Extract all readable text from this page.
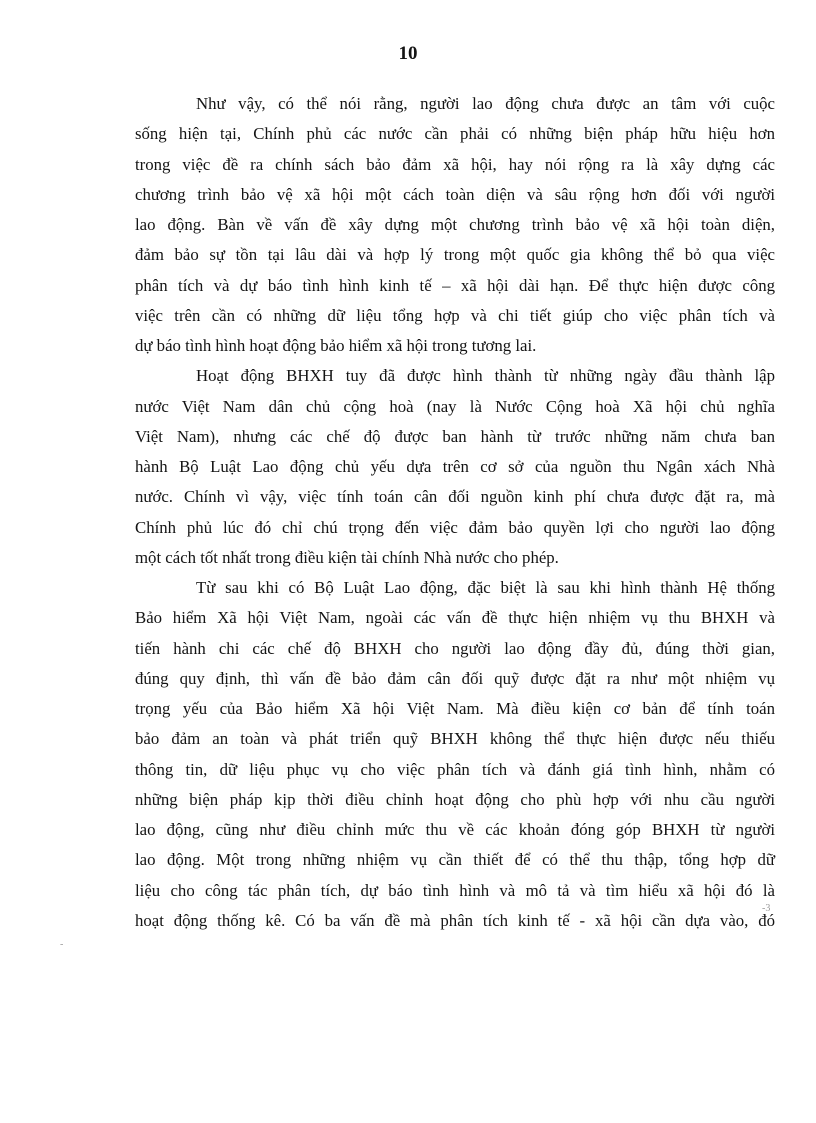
10
Như vậy, có thể nói rằng, người lao động chưa được an tâm với cuộc
sống hiện tại, Chính phủ các nước cần phải có những biện pháp hữu hiệu hơn
trong việc đề ra chính sách bảo đảm xã hội, hay nói rộng ra là xây dựng các
chương trình bảo vệ xã hội một cách toàn diện và sâu rộng hơn đối với người
lao động. Bàn về vấn đề xây dựng một chương trình bảo vệ xã hội toàn diện,
đảm bảo sự tồn tại lâu dài và hợp lý trong một quốc gia không thể bỏ qua việc
phân tích và dự báo tình hình kinh tế – xã hội dài hạn. Để thực hiện được công
việc trên cần có những dữ liệu tổng hợp và chi tiết giúp cho việc phân tích và
dự báo tình hình hoạt động bảo hiểm xã hội trong tương lai.
Hoạt động BHXH tuy đã được hình thành từ những ngày đầu thành lập
nước Việt Nam dân chủ cộng hoà (nay là Nước Cộng hoà Xã hội chủ nghĩa
Việt Nam), nhưng các chế độ được ban hành từ trước những năm chưa ban
hành Bộ Luật Lao động chủ yếu dựa trên cơ sở của nguồn thu Ngân xách Nhà
nước. Chính vì vậy, việc tính toán cân đối nguồn kinh phí chưa được đặt ra, mà
Chính phủ lúc đó chỉ chú trọng đến việc đảm bảo quyền lợi cho người lao động
một cách tốt nhất trong điều kiện tài chính Nhà nước cho phép.
Từ sau khi có Bộ Luật Lao động, đặc biệt là sau khi hình thành Hệ thống
Bảo hiểm Xã hội Việt Nam, ngoài các vấn đề thực hiện nhiệm vụ thu BHXH và
tiến hành chi các chế độ BHXH cho người lao động đầy đủ, đúng thời gian,
đúng quy định, thì vấn đề bảo đảm cân đối quỹ được đặt ra như một nhiệm vụ
trọng yếu của Bảo hiểm Xã hội Việt Nam. Mà điều kiện cơ bản để tính toán
bảo đảm an toàn và phát triển quỹ BHXH không thể thực hiện được nếu thiếu
thông tin, dữ liệu phục vụ cho việc phân tích và đánh giá tình hình, nhằm có
những biện pháp kịp thời điều chỉnh hoạt động cho phù hợp với nhu cầu người
lao động, cũng như điều chỉnh mức thu về các khoản đóng góp BHXH từ người
lao động. Một trong những nhiệm vụ cần thiết để có thể thu thập, tổng hợp dữ
liệu cho công tác phân tích, dự báo tình hình và mô tả và tìm hiểu xã hội đó là
hoạt động thống kê. Có ba vấn đề mà phân tích kinh tế - xã hội cần dựa vào, đó
-3
-
